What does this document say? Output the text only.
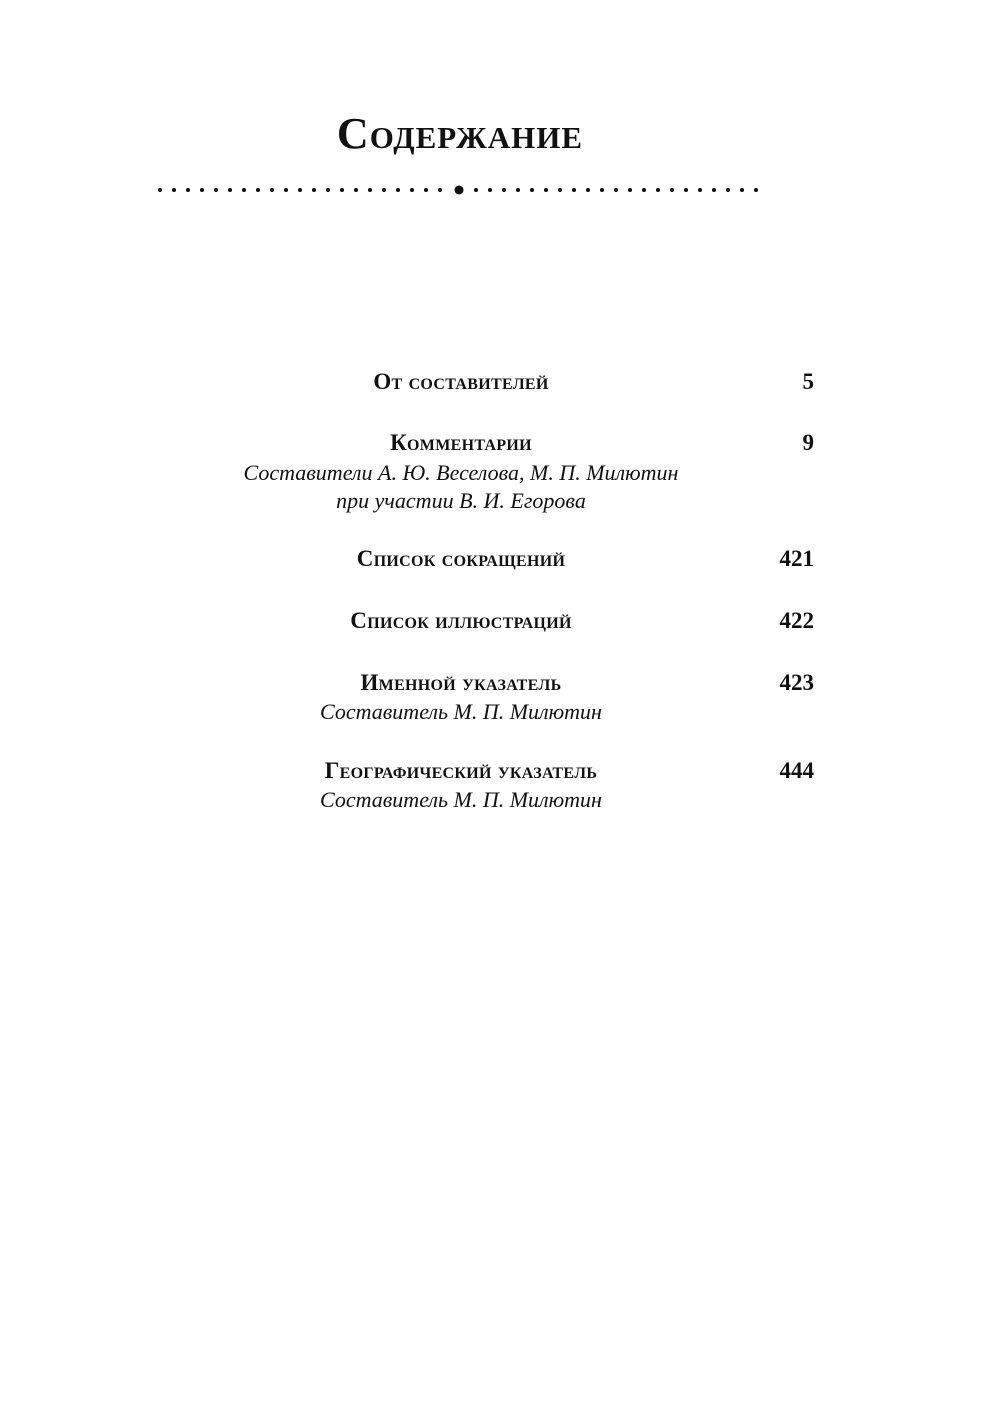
Содержание
От составителей	5
Комментарии	9
Составители А. Ю. Веселова, М. П. Милютин
при участии В. И. Егорова
Список сокращений	421
Список иллюстраций	422
Именной указатель	423
Составитель М. П. Милютин
Географический указатель	444
Составитель М. П. Милютин
